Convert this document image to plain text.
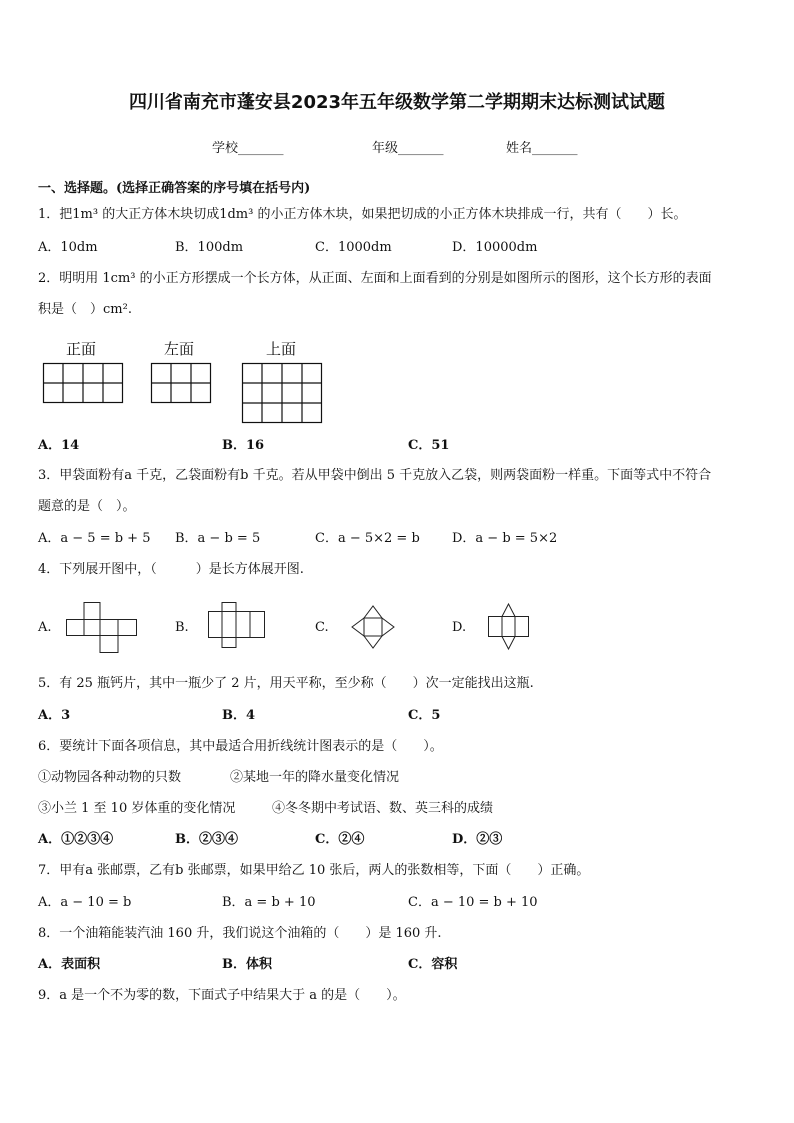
四川省南充市蓬安县2023年五年级数学第二学期期末达标测试试题
学校_______	年级_______	姓名_______
一、选择题。(选择正确答案的序号填在括号内)
1．把1m³ 的大正方体木块切成1dm³ 的小正方体木块，如果把切成的小正方体木块排成一行，共有（　　）长。
A．10dm	B．100dm	C．1000dm	D．10000dm
2．明明用 1cm³ 的小正方形摆成一个长方体，从正面、左面和上面看到的分别是如图所示的图形，这个长方形的表面
积是（　）cm².
正面	左面	上面
A．14	B．16	C．51
3．甲袋面粉有a 千克，乙袋面粉有b 千克。若从甲袋中倒出 5 千克放入乙袋，则两袋面粉一样重。下面等式中不符合
题意的是（　）。
A．a − 5 = b + 5 B．a − b = 5	C．a − 5×2 = b D．a − b = 5×2
4．下列展开图中，（　　　）是长方体展开图.
A.	B.	C.	D.
5．有 25 瓶钙片，其中一瓶少了 2 片，用天平称，至少称（　　）次一定能找出这瓶.
A．3	B．4	C．5
6．要统计下面各项信息，其中最适合用折线统计图表示的是（　　）。
①动物园各种动物的只数	②某地一年的降水量变化情况
③小兰 1 至 10 岁体重的变化情况	④冬冬期中考试语、数、英三科的成绩
A．①②③④	B．②③④	C．②④	D．②③
7．甲有a 张邮票，乙有b 张邮票，如果甲给乙 10 张后，两人的张数相等，下面（　　）正确。
A．a − 10 = b	B．a = b + 10	C．a − 10 = b + 10
8．一个油箱能装汽油 160 升，我们说这个油箱的（　　）是 160 升.
A．表面积	B．体积	C．容积
9．a 是一个不为零的数，下面式子中结果大于 a 的是（　　）。
